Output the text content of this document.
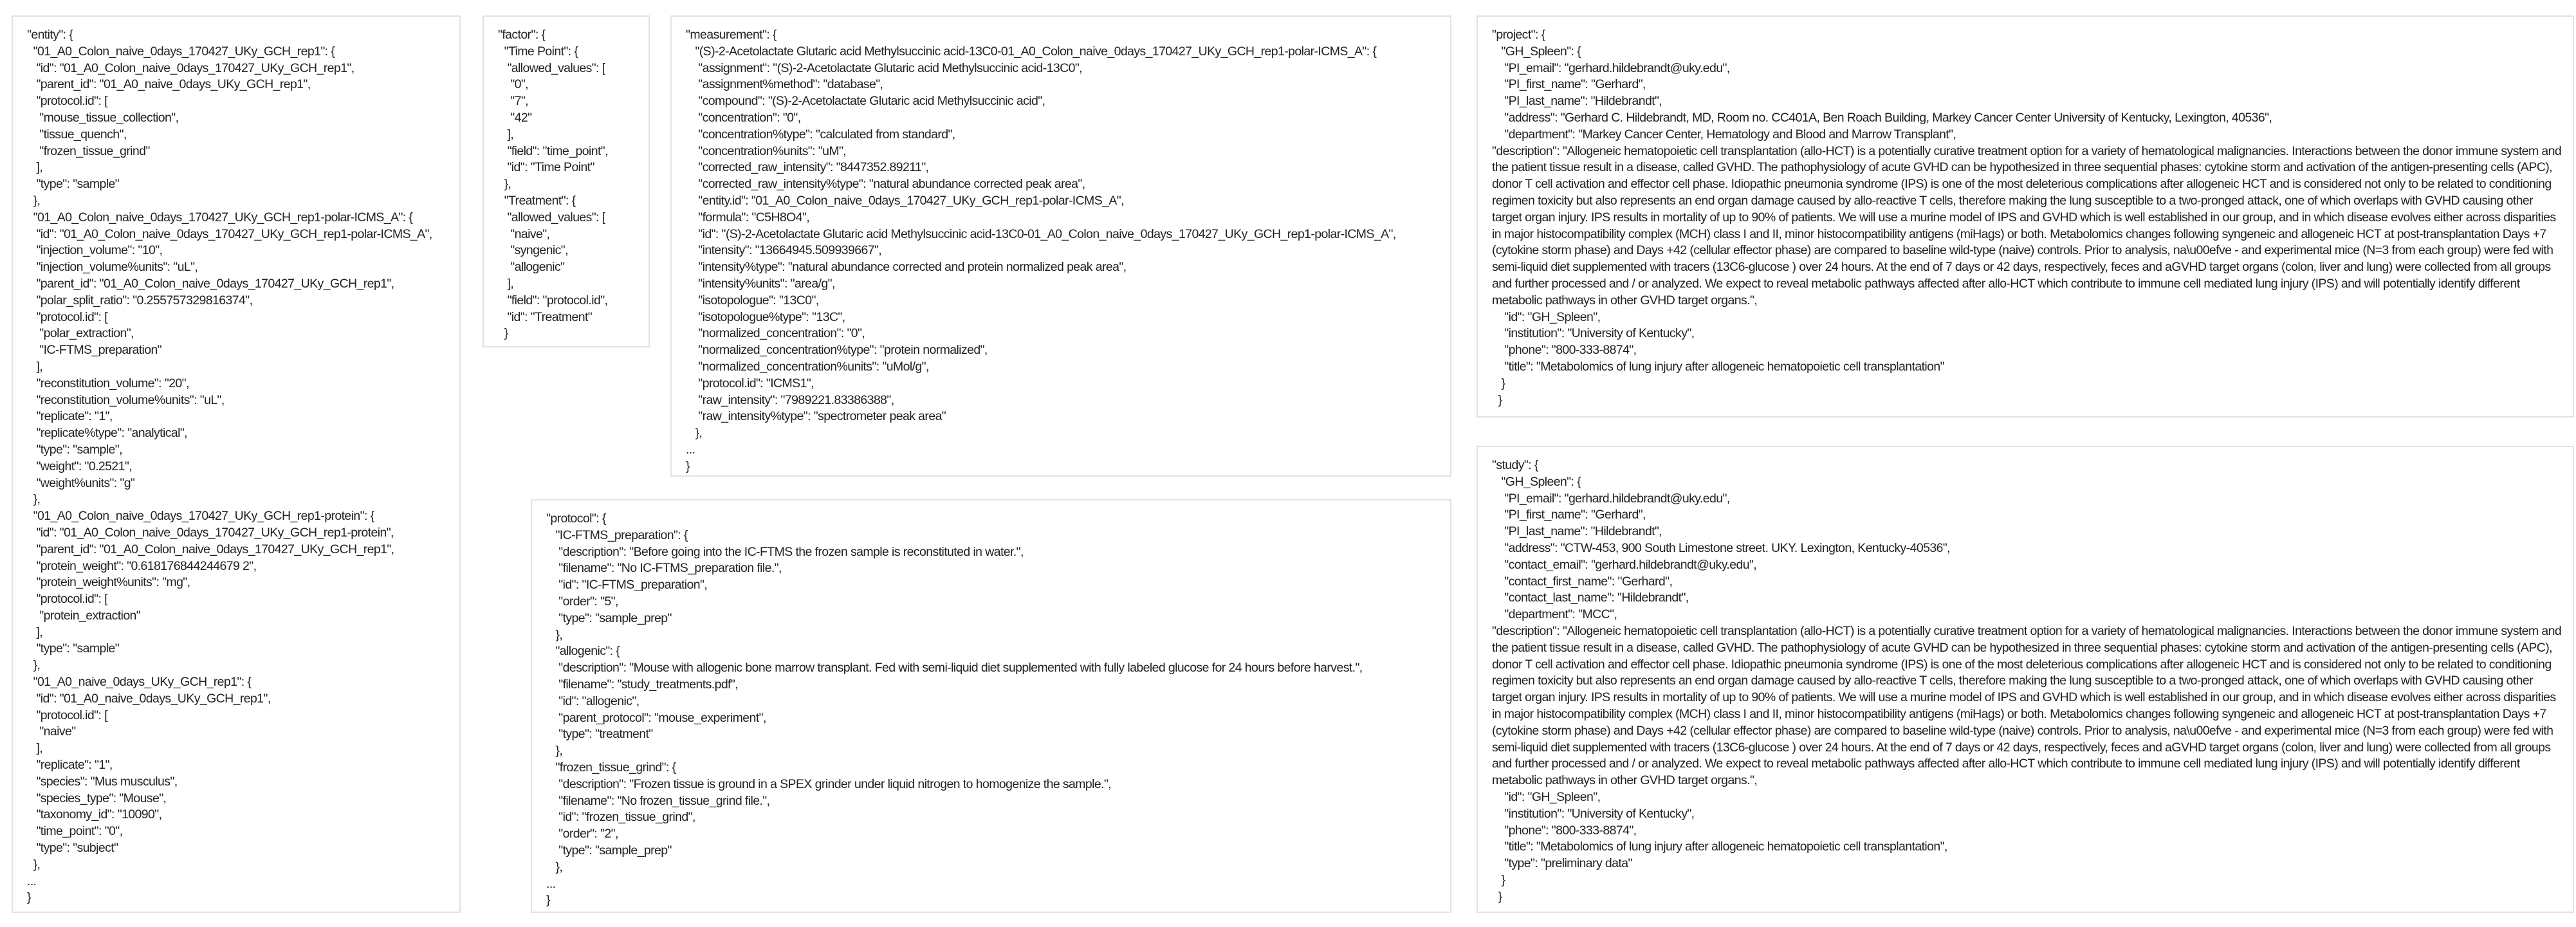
"entity": {
"01_A0_Colon_naive_0days_170427_UKy_GCH_rep1": {
"id": "01_A0_Colon_naive_0days_170427_UKy_GCH_rep1",
"parent_id": "01_A0_naive_0days_UKy_GCH_rep1",
"protocol.id": [
"mouse_tissue_collection",
"tissue_quench",
"frozen_tissue_grind"
],
"type": "sample"
},
"01_A0_Colon_naive_0days_170427_UKy_GCH_rep1-polar-ICMS_A": {
"id": "01_A0_Colon_naive_0days_170427_UKy_GCH_rep1-polar-ICMS_A",
"injection_volume": "10",
"injection_volume%units": "uL",
"parent_id": "01_A0_Colon_naive_0days_170427_UKy_GCH_rep1",
"polar_split_ratio": "0.255757329816374",
"protocol.id": [
"polar_extraction",
"IC-FTMS_preparation"
],
"reconstitution_volume": "20",
"reconstitution_volume%units": "uL",
"replicate": "1",
"replicate%type": "analytical",
"type": "sample",
"weight": "0.2521",
"weight%units": "g"
},
"01_A0_Colon_naive_0days_170427_UKy_GCH_rep1-protein": {
"id": "01_A0_Colon_naive_0days_170427_UKy_GCH_rep1-protein",
"parent_id": "01_A0_Colon_naive_0days_170427_UKy_GCH_rep1",
"protein_weight": "0.618176844244679 2",
"protein_weight%units": "mg",
"protocol.id": [
"protein_extraction"
],
"type": "sample"
},
"01_A0_naive_0days_UKy_GCH_rep1": {
"id": "01_A0_naive_0days_UKy_GCH_rep1",
"protocol.id": [
"naive"
],
"replicate": "1",
"species": "Mus musculus",
"species_type": "Mouse",
"taxonomy_id": "10090",
"time_point": "0",
"type": "subject"
},
...
}
"factor": {
"Time Point": {
"allowed_values": [
"0",
"7",
"42"
],
"field": "time_point",
"id": "Time Point"
},
"Treatment": {
"allowed_values": [
"naive",
"syngenic",
"allogenic"
],
"field": "protocol.id",
"id": "Treatment"
}
"measurement": {
"(S)-2-Acetolactate Glutaric acid Methylsuccinic acid-13C0-01_A0_Colon_naive_0days_170427_UKy_GCH_rep1-polar-ICMS_A": {
"assignment": "(S)-2-Acetolactate Glutaric acid Methylsuccinic acid-13C0",
"assignment%method": "database",
"compound": "(S)-2-Acetolactate Glutaric acid Methylsuccinic acid",
"concentration": "0",
"concentration%type": "calculated from standard",
"concentration%units": "uM",
"corrected_raw_intensity": "8447352.89211",
"corrected_raw_intensity%type": "natural abundance corrected peak area",
"entity.id": "01_A0_Colon_naive_0days_170427_UKy_GCH_rep1-polar-ICMS_A",
"formula": "C5H8O4",
"id": "(S)-2-Acetolactate Glutaric acid Methylsuccinic acid-13C0-01_A0_Colon_naive_0days_170427_UKy_GCH_rep1-polar-ICMS_A",
"intensity": "13664945.509939667",
"intensity%type": "natural abundance corrected and protein normalized peak area",
"intensity%units": "area/g",
"isotopologue": "13C0",
"isotopologue%type": "13C",
"normalized_concentration": "0",
"normalized_concentration%type": "protein normalized",
"normalized_concentration%units": "uMol/g",
"protocol.id": "ICMS1",
"raw_intensity": "7989221.83386388",
"raw_intensity%type": "spectrometer peak area"
},
...
}
"protocol": {
"IC-FTMS_preparation": {
"description": "Before going into the IC-FTMS the frozen sample is reconstituted in water.",
"filename": "No IC-FTMS_preparation file.",
"id": "IC-FTMS_preparation",
"order": "5",
"type": "sample_prep"
},
"allogenic": {
"description": "Mouse with allogenic bone marrow transplant. Fed with semi-liquid diet supplemented with fully labeled glucose for 24 hours before harvest.",
"filename": "study_treatments.pdf",
"id": "allogenic",
"parent_protocol": "mouse_experiment",
"type": "treatment"
},
"frozen_tissue_grind": {
"description": "Frozen tissue is ground in a SPEX grinder under liquid nitrogen to homogenize the sample.",
"filename": "No frozen_tissue_grind file.",
"id": "frozen_tissue_grind",
"order": "2",
"type": "sample_prep"
},
...
}
"project": {
"GH_Spleen": {
"PI_email": "gerhard.hildebrandt@uky.edu",
"PI_first_name": "Gerhard",
"PI_last_name": "Hildebrandt",
"address": "Gerhard C. Hildebrandt, MD, Room no. CC401A, Ben Roach Building, Markey Cancer Center University of Kentucky, Lexington, 40536",
"department": "Markey Cancer Center, Hematology and Blood and Marrow Transplant",
"description": "Allogeneic hematopoietic cell transplantation (allo-HCT) is a potentially curative treatment option for a variety of hematological malignancies. Interactions between the donor immune system and the patient tissue result in a disease, called GVHD. The pathophysiology of acute GVHD can be hypothesized in three sequential phases: cytokine storm and activation of the antigen-presenting cells (APC), donor T cell activation and effector cell phase. Idiopathic pneumonia syndrome (IPS) is one of the most deleterious complications after allogeneic HCT and is considered not only to be related to conditioning regimen toxicity but also represents an end organ damage caused by allo-reactive T cells, therefore making the lung susceptible to a two-pronged attack, one of which overlaps with GVHD causing other target organ injury. IPS results in mortality of up to 90% of patients. We will use a murine model of IPS and GVHD which is well established in our group, and in which disease evolves either across disparities in major histocompatibility complex (MCH) class I and II, minor histocompatibility antigens (miHags) or both. Metabolomics changes following syngeneic and allogeneic HCT at post-transplantation Days +7 (cytokine storm phase) and Days +42 (cellular effector phase) are compared to baseline wild-type (naive) controls. Prior to analysis, na\u00efve - and experimental mice (N=3 from each group) were fed with semi-liquid diet supplemented with tracers (13C6-glucose ) over 24 hours. At the end of 7 days or 42 days, respectively, feces and aGVHD target organs (colon, liver and lung) were collected from all groups and further processed and / or analyzed. We expect to reveal metabolic pathways affected after allo-HCT which contribute to immune cell mediated lung injury (IPS) and will potentially identify different metabolic pathways in other GVHD target organs.",
"id": "GH_Spleen",
"institution": "University of Kentucky",
"phone": "800-333-8874",
"title": "Metabolomics of lung injury after allogeneic hematopoietic cell transplantation"
}
}
"study": {
"GH_Spleen": {
"PI_email": "gerhard.hildebrandt@uky.edu",
"PI_first_name": "Gerhard",
"PI_last_name": "Hildebrandt",
"address": "CTW-453, 900 South Limestone street. UKY. Lexington, Kentucky-40536",
"contact_email": "gerhard.hildebrandt@uky.edu",
"contact_first_name": "Gerhard",
"contact_last_name": "Hildebrandt",
"department": "MCC",
"description": "Allogeneic hematopoietic cell transplantation (allo-HCT) is a potentially curative treatment option for a variety of hematological malignancies. Interactions between the donor immune system and the patient tissue result in a disease, called GVHD. The pathophysiology of acute GVHD can be hypothesized in three sequential phases: cytokine storm and activation of the antigen-presenting cells (APC), donor T cell activation and effector cell phase. Idiopathic pneumonia syndrome (IPS) is one of the most deleterious complications after allogeneic HCT and is considered not only to be related to conditioning regimen toxicity but also represents an end organ damage caused by allo-reactive T cells, therefore making the lung susceptible to a two-pronged attack, one of which overlaps with GVHD causing other target organ injury. IPS results in mortality of up to 90% of patients. We will use a murine model of IPS and GVHD which is well established in our group, and in which disease evolves either across disparities in major histocompatibility complex (MCH) class I and II, minor histocompatibility antigens (miHags) or both. Metabolomics changes following syngeneic and allogeneic HCT at post-transplantation Days +7 (cytokine storm phase) and Days +42 (cellular effector phase) are compared to baseline wild-type (naive) controls. Prior to analysis, na\u00efve - and experimental mice (N=3 from each group) were fed with semi-liquid diet supplemented with tracers (13C6-glucose ) over 24 hours. At the end of 7 days or 42 days, respectively, feces and aGVHD target organs (colon, liver and lung) were collected from all groups and further processed and / or analyzed. We expect to reveal metabolic pathways affected after allo-HCT which contribute to immune cell mediated lung injury (IPS) and will potentially identify different metabolic pathways in other GVHD target organs.",
"id": "GH_Spleen",
"institution": "University of Kentucky",
"phone": "800-333-8874",
"title": "Metabolomics of lung injury after allogeneic hematopoietic cell transplantation",
"type": "preliminary data"
}
}
